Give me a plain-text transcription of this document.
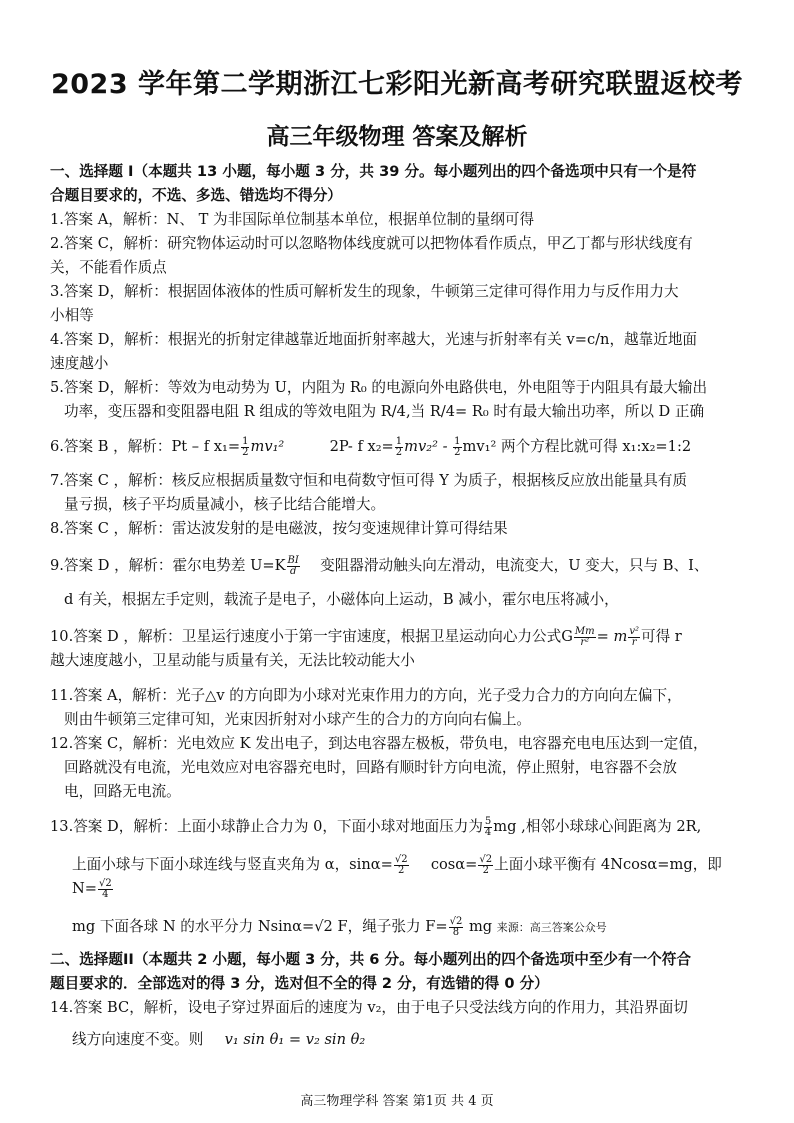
2023 学年第二学期浙江七彩阳光新高考研究联盟返校考
高三年级物理 答案及解析
一、选择题 I（本题共 13 小题，每小题 3 分，共 39 分。每小题列出的四个备选项中只有一个是符
合题目要求的，不选、多选、错选均不得分）
1.答案 A，解析：N、 T 为非国际单位制基本单位，根据单位制的量纲可得
2.答案 C，解析：研究物体运动时可以忽略物体线度就可以把物体看作质点，甲乙丁都与形状线度有
关，不能看作质点
3.答案 D，解析：根据固体液体的性质可解析发生的现象，牛顿第三定律可得作用力与反作用力大
小相等
4.答案 D，解析：根据光的折射定律越靠近地面折射率越大，光速与折射率有关 v=c/n，越靠近地面
速度越小
5.答案 D，解析：等效为电动势为 U，内阻为 R₀ 的电源向外电路供电，外电阻等于内阻具有最大输出
功率，变压器和变阻器电阻 R 组成的等效电阻为 R/4,当 R/4= R₀ 时有最大输出功率，所以 D 正确
6.答案 B ，解析：Pt – f $x_1= \frac{1}{2} mv_1^2$	2P- f $x_2= \frac{1}{2} mv_2^2 - \frac{1}{2} mv_1^2$ 两个方程比就可得 x₁:x₂=1:2
7.答案 C ，解析：核反应根据质量数守恒和电荷数守恒可得 Y 为质子，根据核反应放出能量具有质
量亏损，核子平均质量减小，核子比结合能增大。
8.答案 C ，解析：雷达波发射的是电磁波，按匀变速规律计算可得结果
9.答案 D ，解析：霍尔电势差 $U=K \frac{BI}{d}$ 变阻器滑动触头向左滑动，电流变大，U 变大，只与 B、I、
d 有关，根据左手定则，载流子是电子，小磁体向上运动，B 减小，霍尔电压将减小，
10.答案 D ，解析：卫星运行速度小于第一宇宙速度，根据卫星运动向心力公式G $\frac{Mm}{\text{r²}} = m \frac{\text{v²}}{r}$ 可得 r
越大速度越小，卫星动能与质量有关，无法比较动能大小
11.答案 A，解析：光子△v 的方向即为小球对光束作用力的方向，光子受力合力的方向向左偏下，
则由牛顿第三定律可知，光束因折射对小球产生的合力的方向向右偏上。
12.答案 C，解析：光电效应 K 发出电子，到达电容器左极板，带负电，电容器充电电压达到一定值，
回路就没有电流，光电效应对电容器充电时，回路有顺时针方向电流，停止照射，电容器不会放
电，回路无电流。
13.答案 D，解析：上面小球静止合力为 0，下面小球对地面压力为 $\frac{5}{4}$ mg ,相邻小球球心间距离为 2R,
上面小球与下面小球连线与竖直夹角为 α，$\sin\alpha= \frac{√2}{2} \cos\alpha= \frac{√2}{2}$ 上面小球平衡有 4Ncosα=mg，即 $N= \frac{√2}{4}$
mg 下面各球 N 的水平分力 Nsinα=√2 F，绳子张力 $F= \frac{√2}{8}$ mg 来源：高三答案公众号
二、选择题II（本题共 2 小题，每小题 3 分，共 6 分。每小题列出的四个备选项中至少有一个符合
题目要求的．全部选对的得 3 分，选对但不全的得 2 分，有选错的得 0 分）
14.答案 BC，解析，设电子穿过界面后的速度为 v₂，由于电子只受法线方向的作用力，其沿界面切
线方向速度不变。则 v₁ sin θ₁ = v₂ sin θ₂
高三物理学科 答案 第1页 共 4 页
